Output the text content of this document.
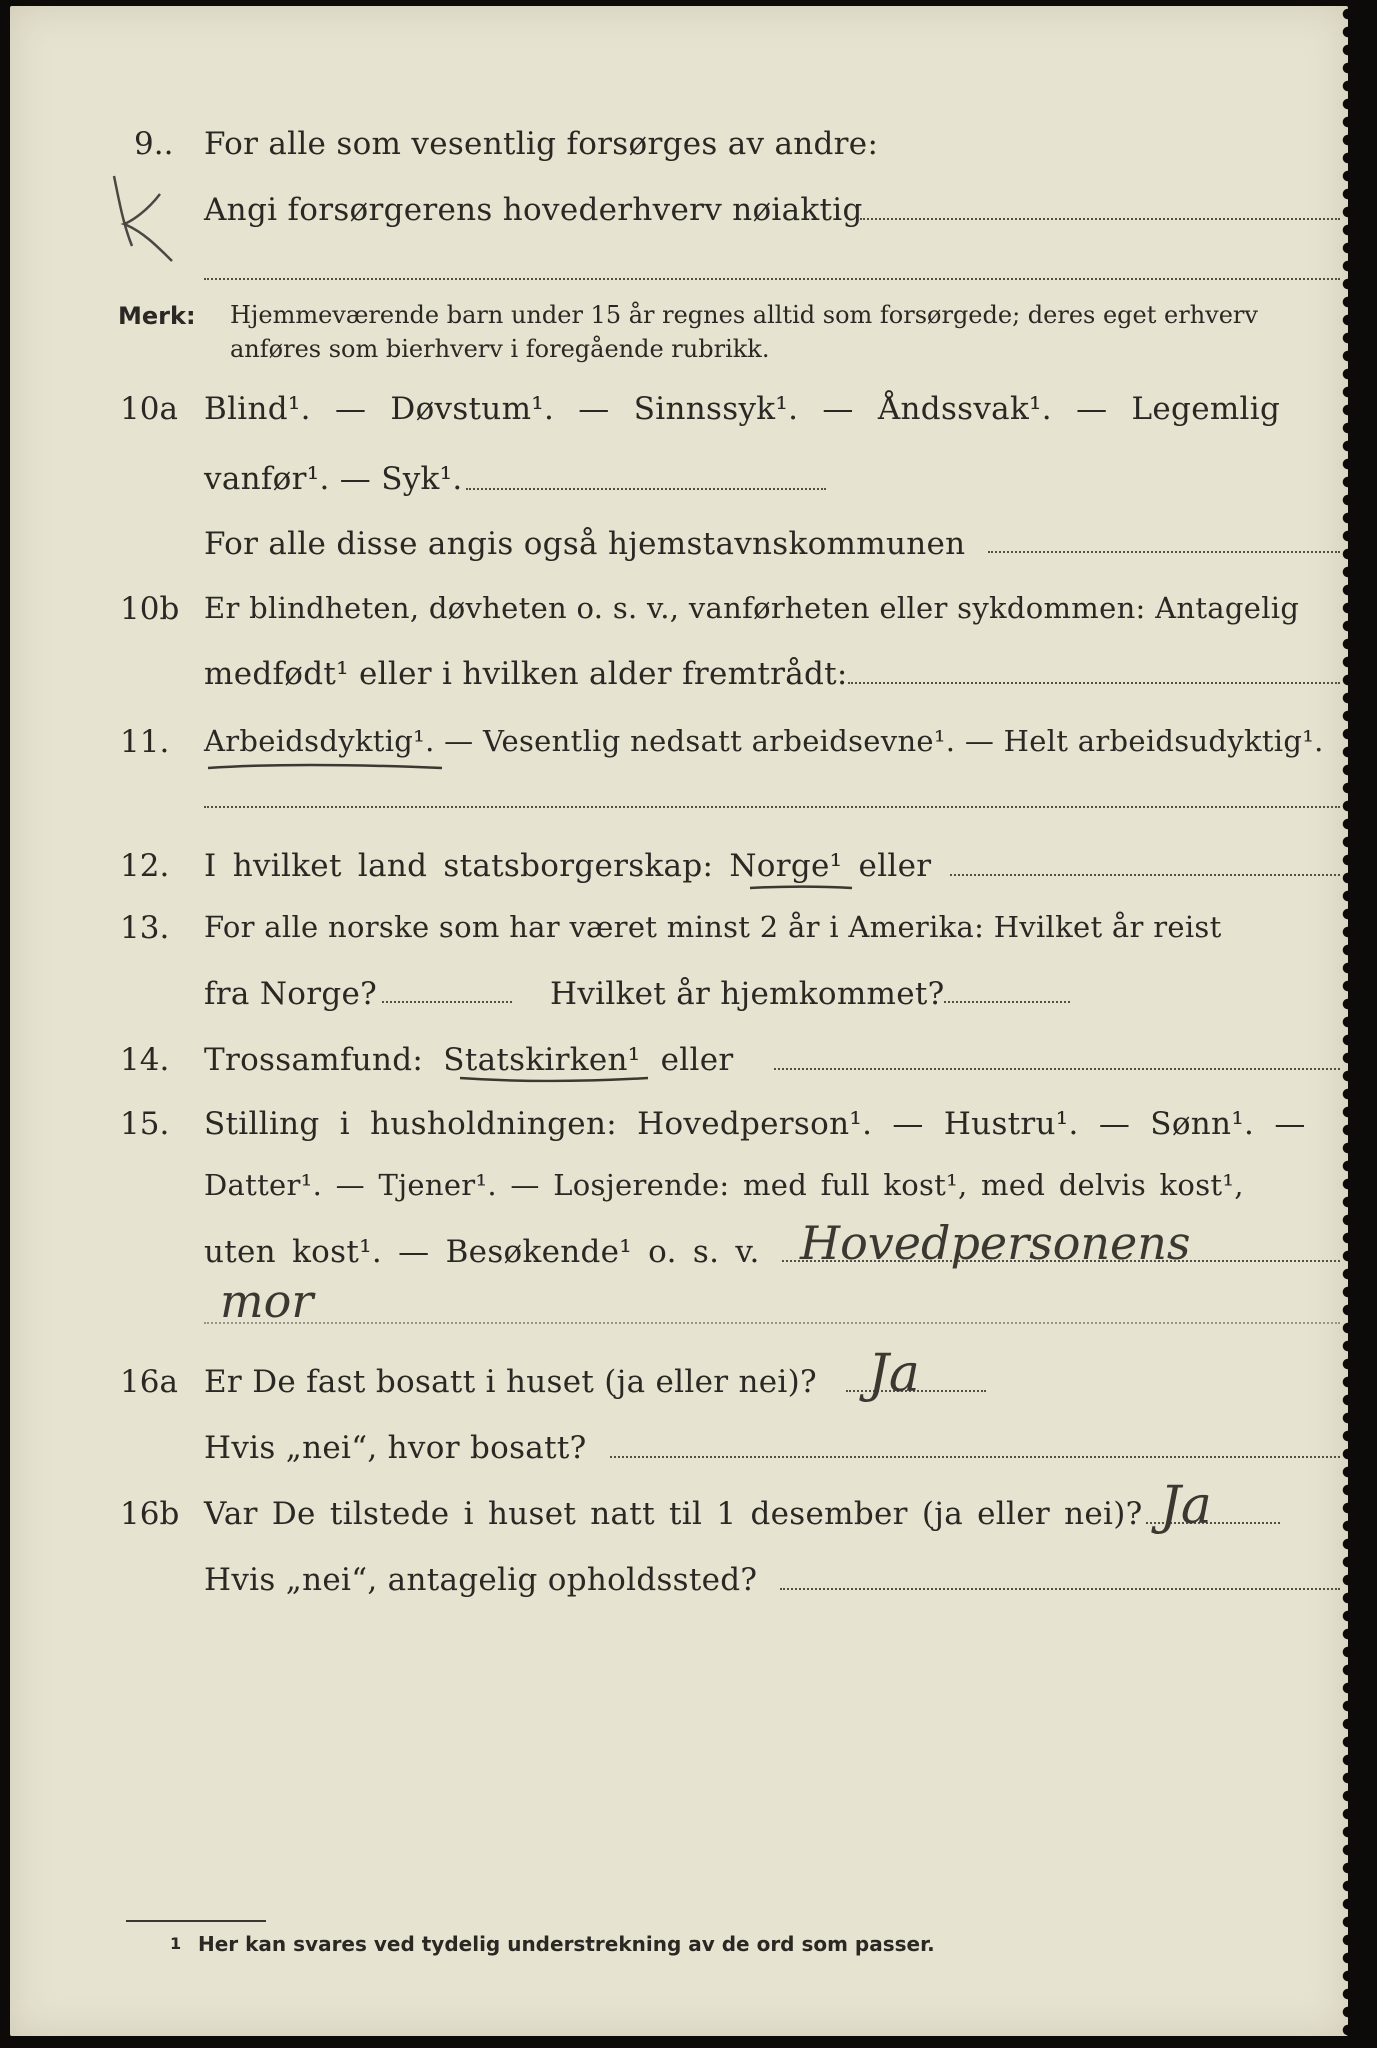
9.. For alle som vesentlig forsørges av andre:
Angi forsørgerens hovederhverv nøiaktig
Merk: Hjemmeværende barn under 15 år regnes alltid som forsørgede; deres eget erhverv anføres som bierhverv i foregående rubrikk.
10a Blind¹. — Døvstum¹. — Sinnssyk¹. — Åndssvak¹. — Legemlig
vanfør¹. — Syk¹.
For alle disse angis også hjemstavnskommunen
10b Er blindheten, døvheten o. s. v., vanførheten eller sykdommen: Antagelig
medfødt¹ eller i hvilken alder fremtrådt:
11. Arbeidsdyktig¹. — Vesentlig nedsatt arbeidsevne¹. — Helt arbeidsudyktig¹.
12. I hvilket land statsborgerskap: Norge¹ eller
13. For alle norske som har været minst 2 år i Amerika: Hvilket år reist
fra Norge?	Hvilket år hjemkommet?
14. Trossamfund: Statskirken¹ eller
15. Stilling i husholdningen: Hovedperson¹. — Hustru¹. — Sønn¹. —
Datter¹. — Tjener¹. — Losjerende: med full kost¹, med delvis kost¹,
uten kost¹. — Besøkende¹ o. s. v. Hovedpersonens
mor
16a Er De fast bosatt i huset (ja eller nei)? Ja
Hvis „nei“, hvor bosatt?
16b Var De tilstede i huset natt til 1 desember (ja eller nei)? Ja
Hvis „nei“, antagelig opholdssted?
1 Her kan svares ved tydelig understrekning av de ord som passer.
